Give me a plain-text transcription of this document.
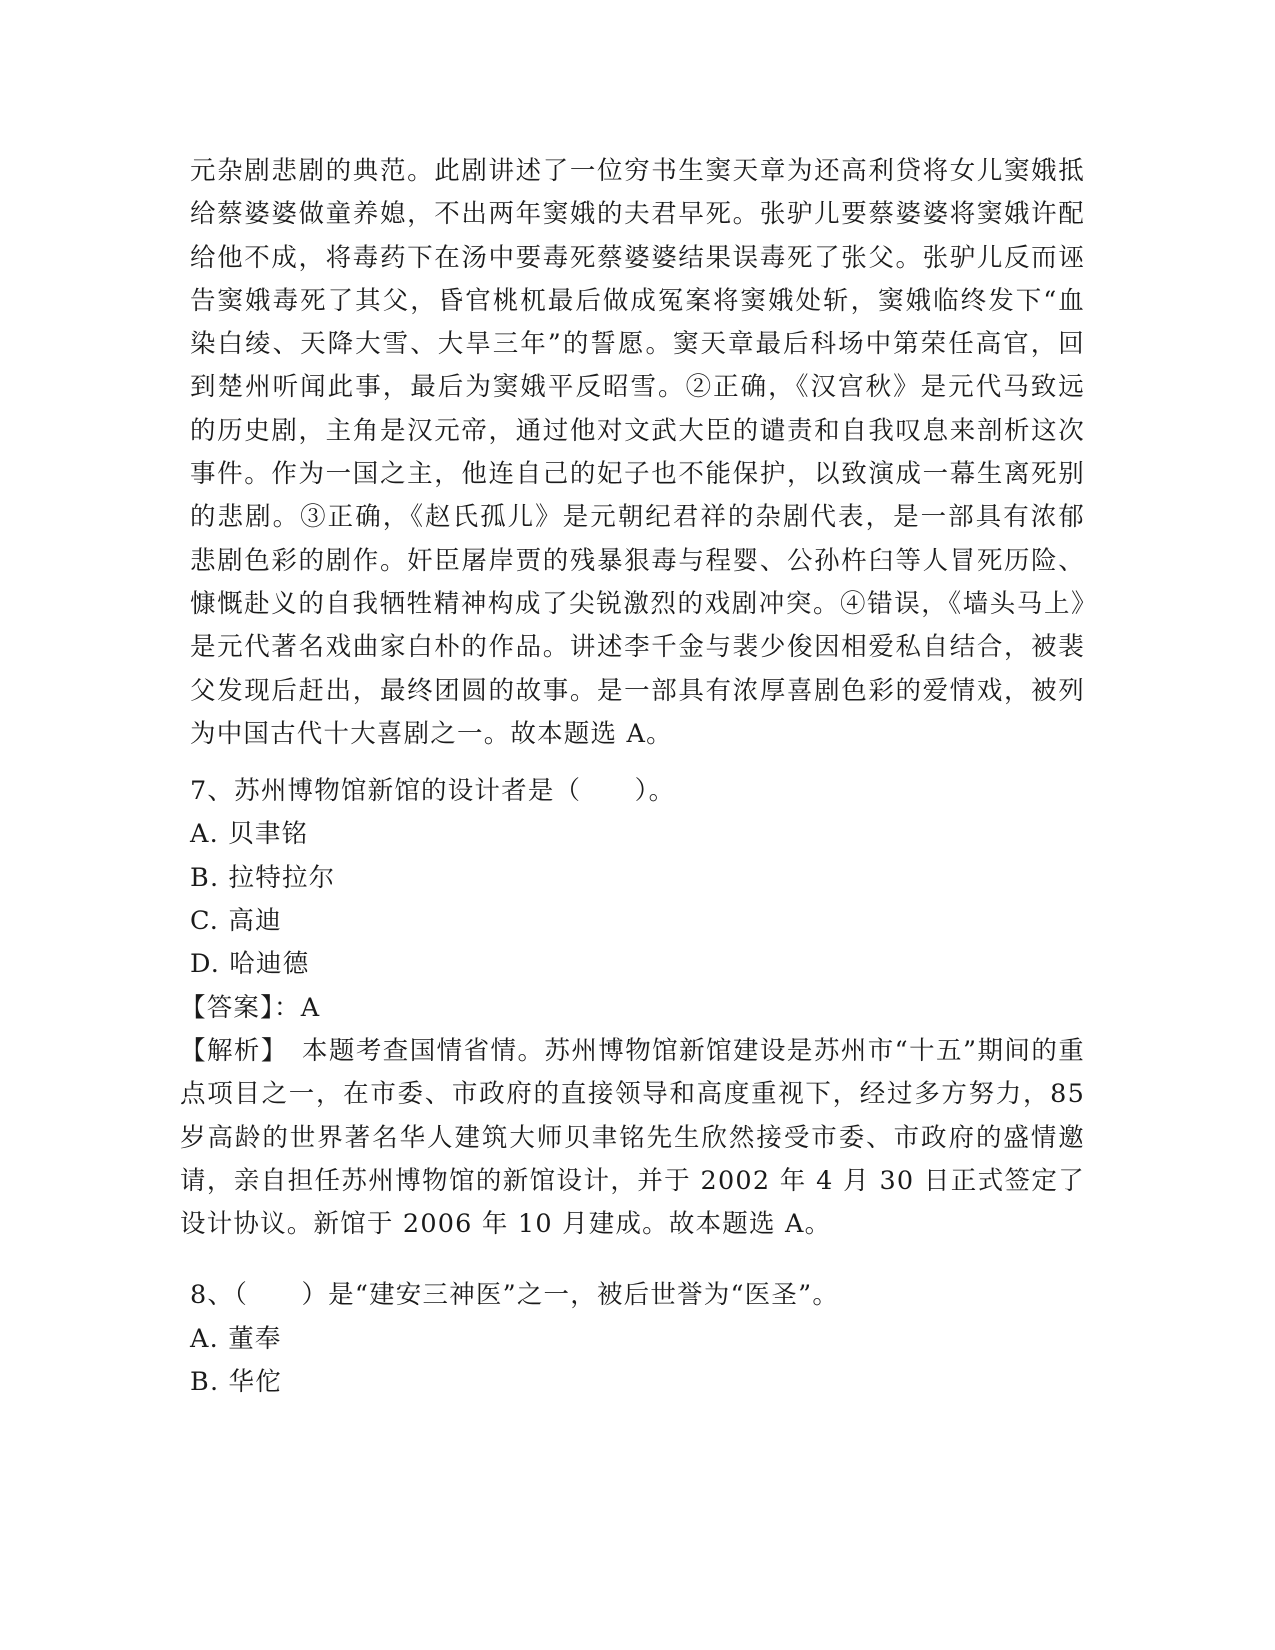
元杂剧悲剧的典范。此剧讲述了一位穷书生窦天章为还高利贷将女儿窦娥抵给蔡婆婆做童养媳，不出两年窦娥的夫君早死。张驴儿要蔡婆婆将窦娥许配给他不成，将毒药下在汤中要毒死蔡婆婆结果误毒死了张父。张驴儿反而诬告窦娥毒死了其父，昏官桃杌最后做成冤案将窦娥处斩，窦娥临终发下“血染白绫、天降大雪、大旱三年”的誓愿。窦天章最后科场中第荣任高官，回到楚州听闻此事，最后为窦娥平反昭雪。②正确，《汉宫秋》是元代马致远的历史剧，主角是汉元帝，通过他对文武大臣的谴责和自我叹息来剖析这次事件。作为一国之主，他连自己的妃子也不能保护，以致演成一幕生离死别的悲剧。③正确，《赵氏孤儿》是元朝纪君祥的杂剧代表，是一部具有浓郁悲剧色彩的剧作。奸臣屠岸贾的残暴狠毒与程婴、公孙杵臼等人冒死历险、慷慨赴义的自我牺牲精神构成了尖锐激烈的戏剧冲突。④错误，《墙头马上》是元代著名戏曲家白朴的作品。讲述李千金与裴少俊因相爱私自结合，被裴父发现后赶出，最终团圆的故事。是一部具有浓厚喜剧色彩的爱情戏，被列为中国古代十大喜剧之一。故本题选 A。

7、苏州博物馆新馆的设计者是（　　）。

A. 贝聿铭

B. 拉特拉尔

C. 高迪

D. 哈迪德

【答案】：A

【解析】　本题考查国情省情。苏州博物馆新馆建设是苏州市“十五”期间的重点项目之一，在市委、市政府的直接领导和高度重视下，经过多方努力，85 岁高龄的世界著名华人建筑大师贝聿铭先生欣然接受市委、市政府的盛情邀请，亲自担任苏州博物馆的新馆设计，并于 2002 年 4 月 30 日正式签定了设计协议。新馆于 2006 年 10 月建成。故本题选 A。

8、（　　）是“建安三神医”之一，被后世誉为“医圣”。

A. 董奉

B. 华佗
